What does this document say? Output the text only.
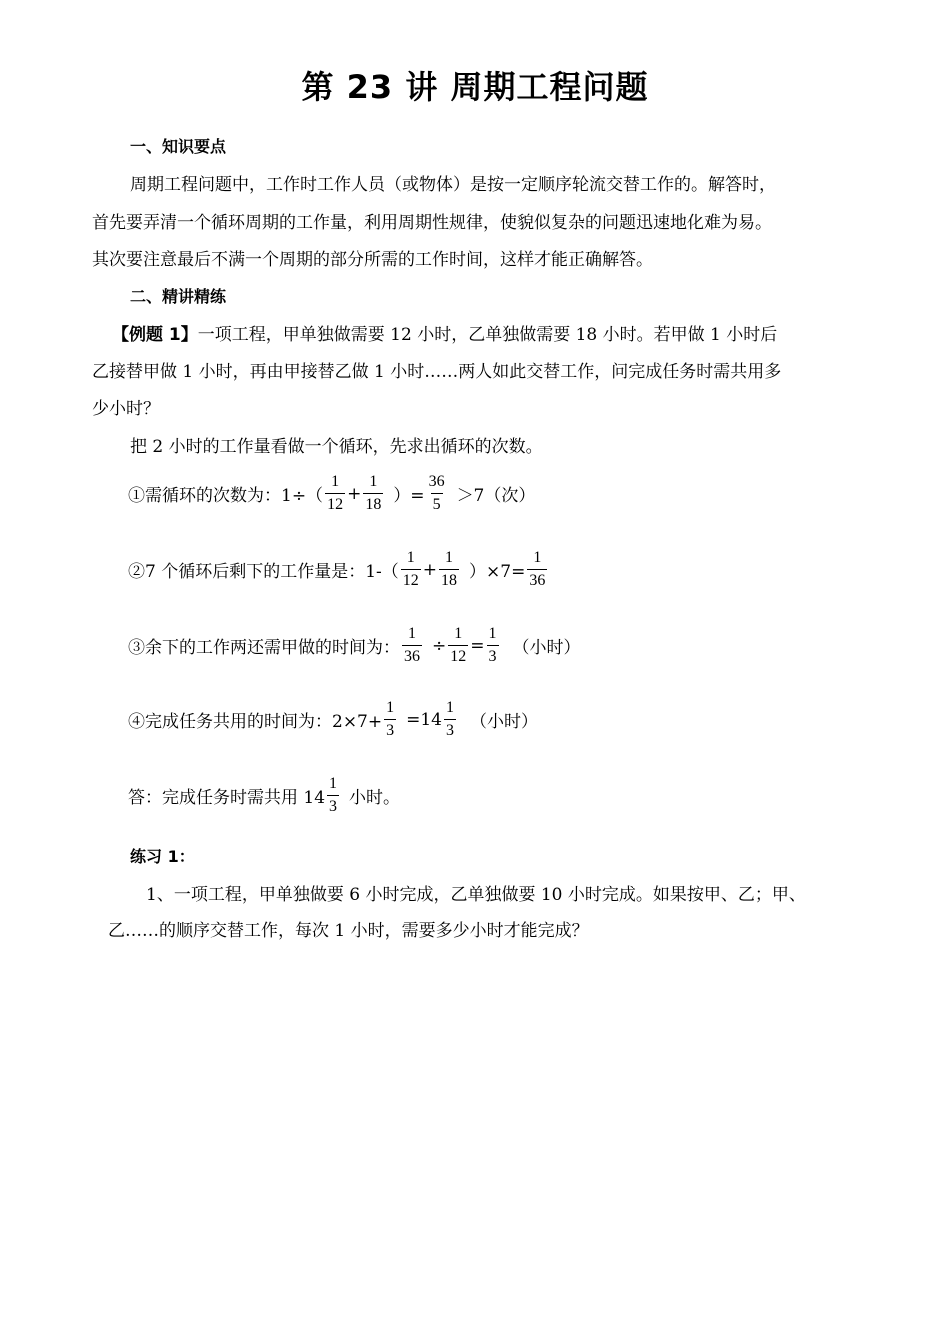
第 23 讲 周期工程问题
一、知识要点
周期工程问题中，工作时工作人员（或物体）是按一定顺序轮流交替工作的。解答时，
首先要弄清一个循环周期的工作量，利用周期性规律，使貌似复杂的问题迅速地化难为易。
其次要注意最后不满一个周期的部分所需的工作时间，这样才能正确解答。
二、精讲精练
【例题 1】一项工程，甲单独做需要 12 小时，乙单独做需要 18 小时。若甲做 1 小时后
乙接替甲做 1 小时，再由甲接替乙做 1 小时……两人如此交替工作，问完成任务时需共用多
少小时？
把 2 小时的工作量看做一个循环，先求出循环的次数。
①需循环的次数为：$1\div( \frac{1}{12} + \frac{1}{18}$ ）= $\frac{36}{5} >7$（次）
②7 个循环后剩下的工作量是：$1-( \frac{1}{12} + \frac{1}{18} )\times 7= \frac{1}{36}$
③余下的工作两还需甲做的时间为： $\frac{1}{36} \div \frac{1}{12} = \frac{1}{3}$ （小时）
④完成任务共用的时间为：$2\times 7+ \frac{1}{3} =14 \frac{1}{3}$ （小时）
答：完成任务时需共用 $14 \frac{1}{3}$ 小时。
练习 1：
1、一项工程，甲单独做要 6 小时完成，乙单独做要 10 小时完成。如果按甲、乙；甲、
乙……的顺序交替工作，每次 1 小时，需要多少小时才能完成？
